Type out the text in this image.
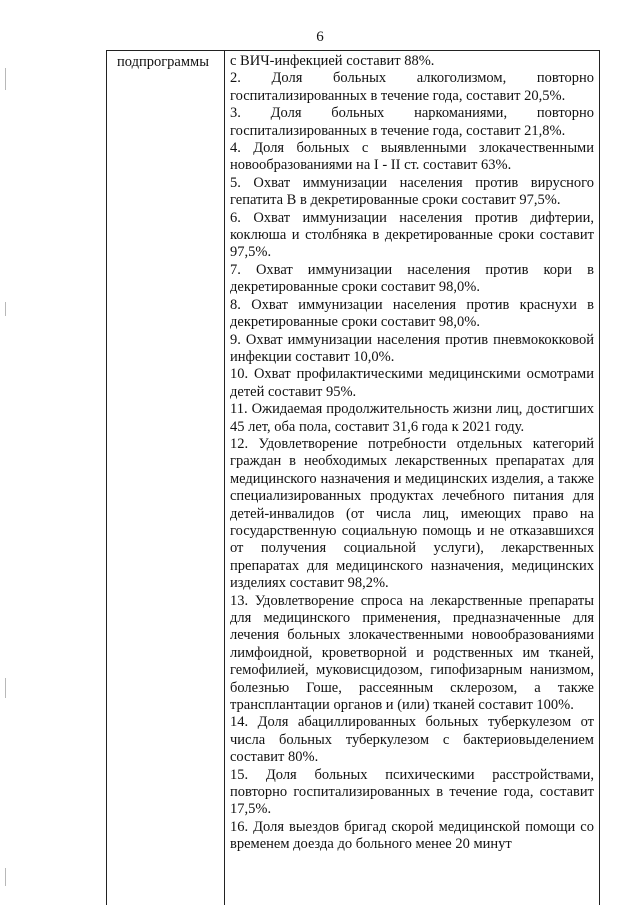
6
подпрограммы с ВИЧ-инфекцией составит 88%.

2. Доля больных алкоголизмом, повторно госпитализированных в течение года, составит 20,5%.

3. Доля больных наркоманиями, повторно госпитализированных в течение года, составит 21,8%.

4. Доля больных с выявленными злокачественными новообразованиями на I - II ст. составит 63%.

5. Охват иммунизации населения против вирусного гепатита B в декретированные сроки составит 97,5%.

6. Охват иммунизации населения против дифтерии, коклюша и столбняка в декретированные сроки составит 97,5%.

7. Охват иммунизации населения против кори в декретированные сроки составит 98,0%.

8. Охват иммунизации населения против краснухи в декретированные сроки составит 98,0%.

9. Охват иммунизации населения против пневмококковой инфекции составит 10,0%.

10. Охват профилактическими медицинскими осмотрами детей составит 95%.

11. Ожидаемая продолжительность жизни лиц, достигших 45 лет, оба пола, составит 31,6 года к 2021 году.

12. Удовлетворение потребности отдельных категорий граждан в необходимых лекарственных препаратах для медицинского назначения и медицинских изделия, а также специализированных продуктах лечебного питания для детей-инвалидов (от числа лиц, имеющих право на государственную социальную помощь и не отказавшихся от получения социальной услуги), лекарственных препаратах для медицинского назначения, медицинских изделиях составит 98,2%.

13. Удовлетворение спроса на лекарственные препараты для медицинского применения, предназначенные для лечения больных злокачественными новообразованиями лимфоидной, кроветворной и родственных им тканей, гемофилией, муковисцидозом, гипофизарным нанизмом, болезнью Гоше, рассеянным склерозом, а также трансплантации органов и (или) тканей составит 100%.

14. Доля абациллированных больных туберкулезом от числа больных туберкулезом с бактериовыделением составит 80%.

15. Доля больных психическими расстройствами, повторно госпитализированных в течение года, составит 17,5%.

16. Доля выездов бригад скорой медицинской помощи со временем доезда до больного менее 20 минут
